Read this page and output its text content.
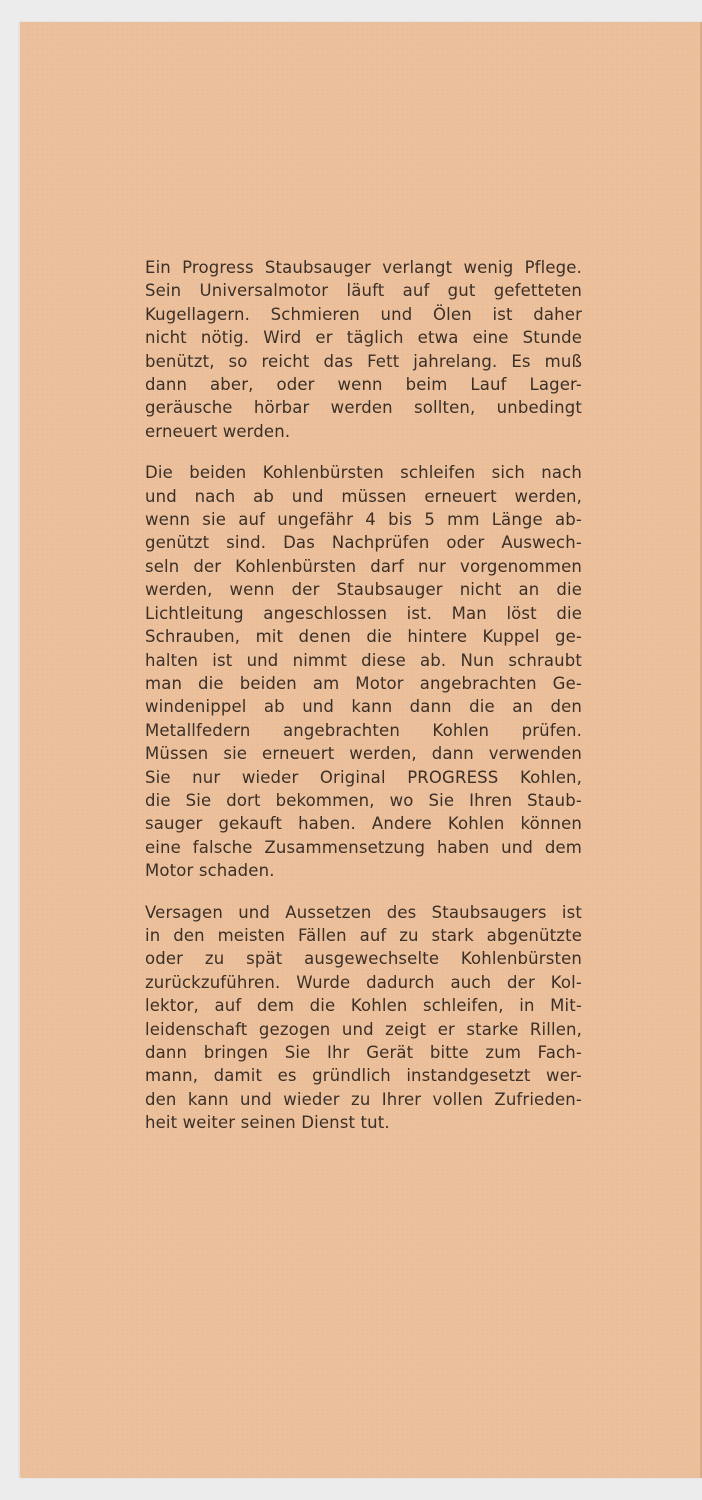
Ein Progress Staubsauger verlangt wenig Pflege.
Sein Universalmotor läuft auf gut gefetteten
Kugellagern. Schmieren und Ölen ist daher
nicht nötig. Wird er täglich etwa eine Stunde
benützt, so reicht das Fett jahrelang. Es muß
dann aber, oder wenn beim Lauf Lager-
geräusche hörbar werden sollten, unbedingt
erneuert werden.
Die beiden Kohlenbürsten schleifen sich nach
und nach ab und müssen erneuert werden,
wenn sie auf ungefähr 4 bis 5 mm Länge ab-
genützt sind. Das Nachprüfen oder Auswech-
seln der Kohlenbürsten darf nur vorgenommen
werden, wenn der Staubsauger nicht an die
Lichtleitung angeschlossen ist. Man löst die
Schrauben, mit denen die hintere Kuppel ge-
halten ist und nimmt diese ab. Nun schraubt
man die beiden am Motor angebrachten Ge-
windenippel ab und kann dann die an den
Metallfedern angebrachten Kohlen prüfen.
Müssen sie erneuert werden, dann verwenden
Sie nur wieder Original PROGRESS Kohlen,
die Sie dort bekommen, wo Sie Ihren Staub-
sauger gekauft haben. Andere Kohlen können
eine falsche Zusammensetzung haben und dem
Motor schaden.
Versagen und Aussetzen des Staubsaugers ist
in den meisten Fällen auf zu stark abgenützte
oder zu spät ausgewechselte Kohlenbürsten
zurückzuführen. Wurde dadurch auch der Kol-
lektor, auf dem die Kohlen schleifen, in Mit-
leidenschaft gezogen und zeigt er starke Rillen,
dann bringen Sie Ihr Gerät bitte zum Fach-
mann, damit es gründlich instandgesetzt wer-
den kann und wieder zu Ihrer vollen Zufrieden-
heit weiter seinen Dienst tut.
